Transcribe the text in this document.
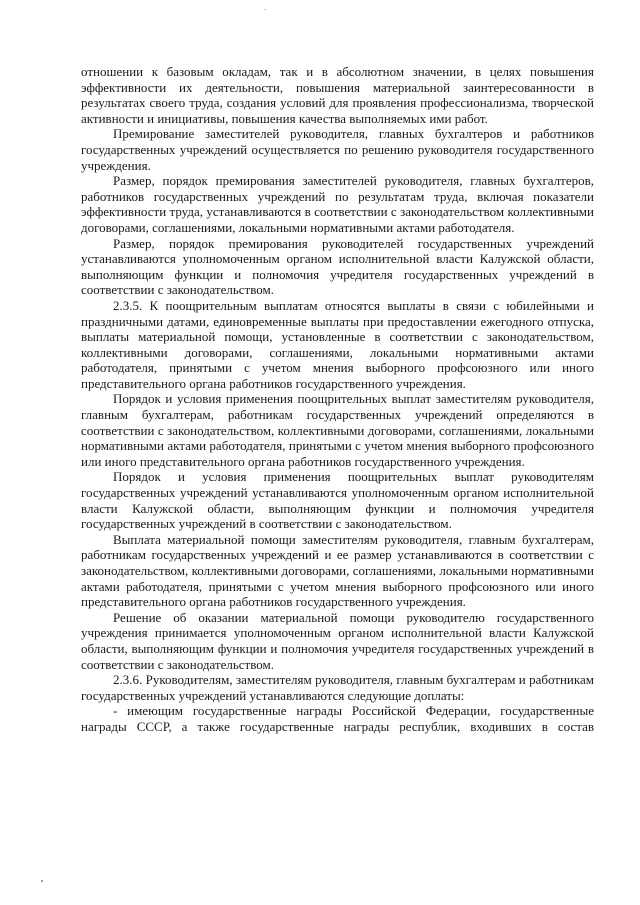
отношении к базовым окладам, так и в абсолютном значении, в целях повышения эффективности их деятельности, повышения материальной заинтересованности в результатах своего труда, создания условий для проявления профессионализма, творческой активности и инициативы, повышения качества выполняемых ими работ.

Премирование заместителей руководителя, главных бухгалтеров и работников государственных учреждений осуществляется по решению руководителя государственного учреждения.

Размер, порядок премирования заместителей руководителя, главных бухгалтеров, работников государственных учреждений по результатам труда, включая показатели эффективности труда, устанавливаются в соответствии с законодательством коллективными договорами, соглашениями, локальными нормативными актами работодателя.

Размер, порядок премирования руководителей государственных учреждений устанавливаются уполномоченным органом исполнительной власти Калужской области, выполняющим функции и полномочия учредителя государственных учреждений в соответствии с законодательством.

2.3.5. К поощрительным выплатам относятся выплаты в связи с юбилейными и праздничными датами, единовременные выплаты при предоставлении ежегодного отпуска, выплаты материальной помощи, установленные в соответствии с законодательством, коллективными договорами, соглашениями, локальными нормативными актами работодателя, принятыми с учетом мнения выборного профсоюзного или иного представительного органа работников государственного учреждения.

Порядок и условия применения поощрительных выплат заместителям руководителя, главным бухгалтерам, работникам государственных учреждений определяются в соответствии с законодательством, коллективными договорами, соглашениями, локальными нормативными актами работодателя, принятыми с учетом мнения выборного профсоюзного или иного представительного органа работников государственного учреждения.

Порядок и условия применения поощрительных выплат руководителям государственных учреждений устанавливаются уполномоченным органом исполнительной власти Калужской области, выполняющим функции и полномочия учредителя государственных учреждений в соответствии с законодательством.

Выплата материальной помощи заместителям руководителя, главным бухгалтерам, работникам государственных учреждений и ее размер устанавливаются в соответствии с законодательством, коллективными договорами, соглашениями, локальными нормативными актами работодателя, принятыми с учетом мнения выборного профсоюзного или иного представительного органа работников государственного учреждения.

Решение об оказании материальной помощи руководителю государственного учреждения принимается уполномоченным органом исполнительной власти Калужской области, выполняющим функции и полномочия учредителя государственных учреждений в соответствии с законодательством.

2.3.6. Руководителям, заместителям руководителя, главным бухгалтерам и работникам государственных учреждений устанавливаются следующие доплаты:

- имеющим государственные награды Российской Федерации, государственные награды СССР, а также государственные награды республик, входивших в состав
